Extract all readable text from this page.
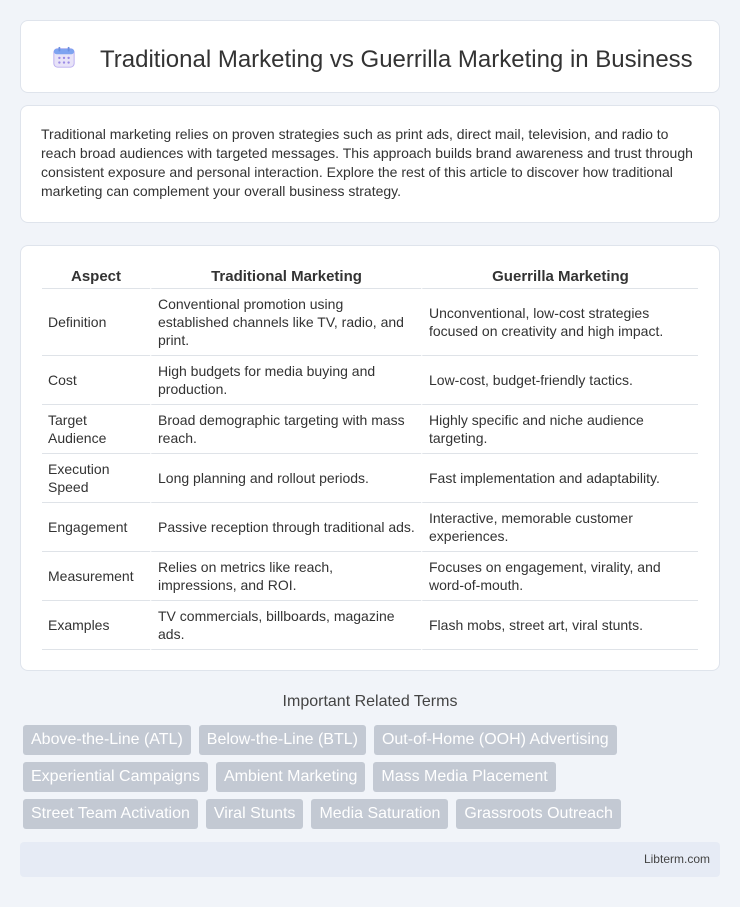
Traditional Marketing vs Guerrilla Marketing in Business

Traditional marketing relies on proven strategies such as print ads, direct mail, television, and radio to reach broad audiences with targeted messages. This approach builds brand awareness and trust through consistent exposure and personal interaction. Explore the rest of this article to discover how traditional marketing can complement your overall business strategy.

Aspect	Traditional Marketing	Guerrilla Marketing
Definition	Conventional promotion using established channels like TV, radio, and print.	Unconventional, low-cost strategies focused on creativity and high impact.
Cost	High budgets for media buying and production.	Low-cost, budget-friendly tactics.
Target Audience	Broad demographic targeting with mass reach.	Highly specific and niche audience targeting.
Execution Speed	Long planning and rollout periods.	Fast implementation and adaptability.
Engagement	Passive reception through traditional ads.	Interactive, memorable customer experiences.
Measurement	Relies on metrics like reach, impressions, and ROI.	Focuses on engagement, virality, and word-of-mouth.
Examples	TV commercials, billboards, magazine ads.	Flash mobs, street art, viral stunts.
Important Related Terms
Above-the-Line (ATL)	Below-the-Line (BTL)	Out-of-Home (OOH) Advertising
Experiential Campaigns	Ambient Marketing	Mass Media Placement
Street Team Activation	Viral Stunts	Media Saturation	Grassroots Outreach
Libterm.com
